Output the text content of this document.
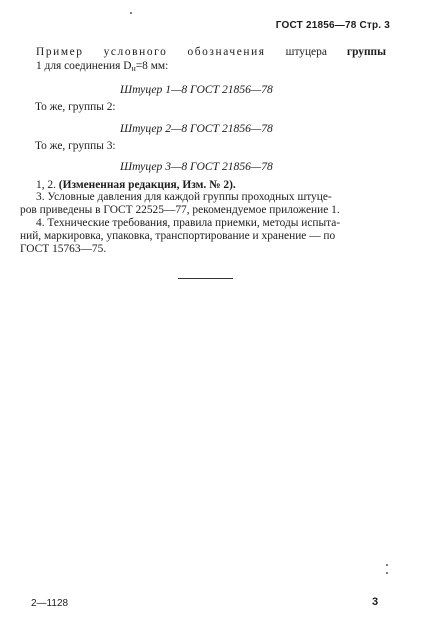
ГОСТ 21856—78 Стр. 3
Пример условного обозначения штуцера группы
1 для соединения $D_н=8$ мм:
Штуцер 1—8 ГОСТ 21856—78
То же, группы 2:
Штуцер 2—8 ГОСТ 21856—78
То же, группы 3:
Штуцер 3—8 ГОСТ 21856—78
1, 2. (Измененная редакция, Изм. № 2).
3. Условные давления для каждой группы проходных штуце-
ров приведены в ГОСТ 22525—77, рекомендуемое приложение 1.
4. Технические требования, правила приемки, методы испыта-
ний, маркировка, упаковка, транспортирование и хранение — по
ГОСТ 15763—75.
2—1128	3
